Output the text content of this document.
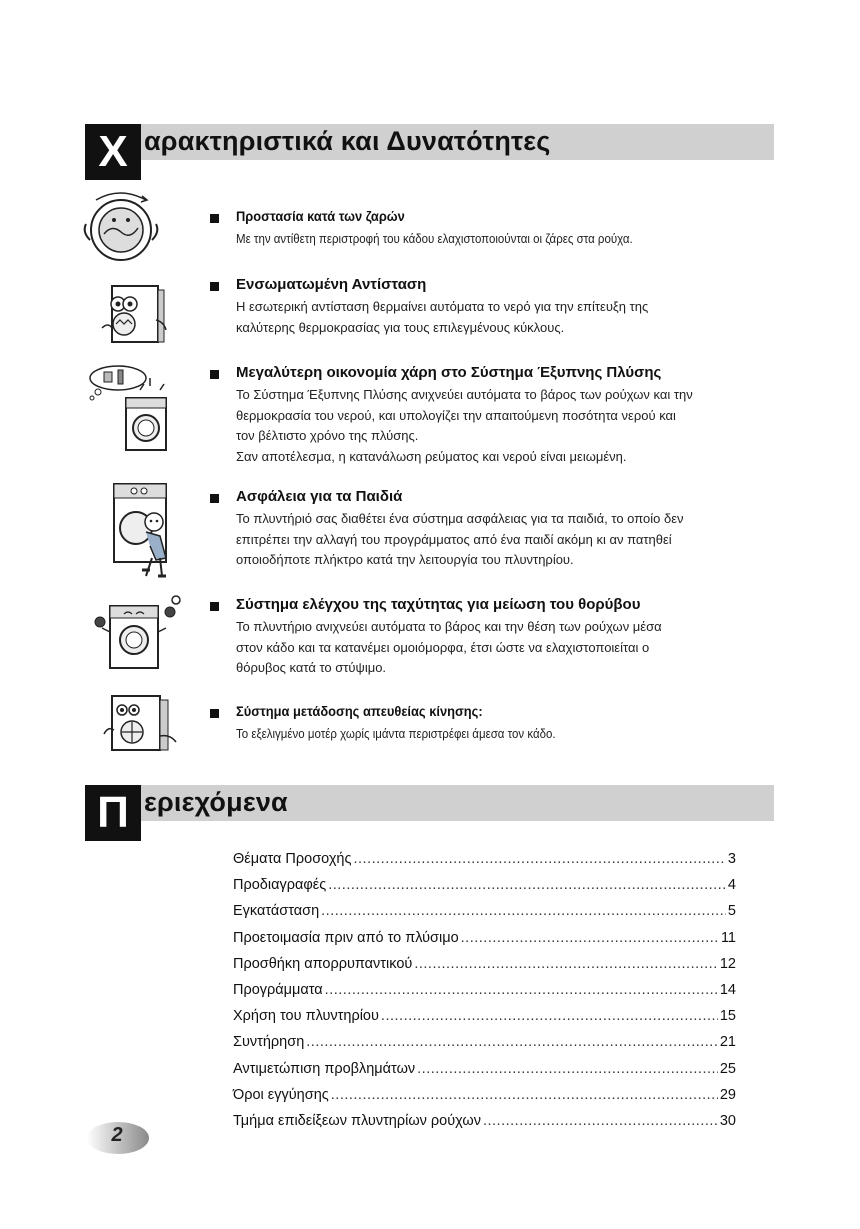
Χ αρακτηριστικά και Δυνατότητες
Προστασία κατά των ζαρών

Με την αντίθετη περιστροφή του κάδου ελαχιστοποιούνται οι ζάρες στα ρούχα.

Ενσωματωμένη Αντίσταση

Η εσωτερική αντίσταση θερμαίνει αυτόματα το νερό για την επίτευξη της

καλύτερης θερμοκρασίας για τους επιλεγμένους κύκλους.

Μεγαλύτερη οικονομία χάρη στο Σύστημα Έξυπνης Πλύσης

Το Σύστημα Έξυπνης Πλύσης ανιχνεύει αυτόματα το βάρος των ρούχων και την

θερμοκρασία του νερού, και υπολογίζει την απαιτούμενη ποσότητα νερού και

τον βέλτιστο χρόνο της πλύσης.

Σαν αποτέλεσμα, η κατανάλωση ρεύματος και νερού είναι μειωμένη.

Ασφάλεια για τα Παιδιά

Το πλυντήριό σας διαθέτει ένα σύστημα ασφάλειας για τα παιδιά, το οποίο δεν

επιτρέπει την αλλαγή του προγράμματος από ένα παιδί ακόμη κι αν πατηθεί

οποιοδήποτε πλήκτρο κατά την λειτουργία του πλυντηρίου.

Σύστημα ελέγχου της ταχύτητας για μείωση του θορύβου

Το πλυντήριο ανιχνεύει αυτόματα το βάρος και την θέση των ρούχων μέσα

στον κάδο και τα κατανέμει ομοιόμορφα, έτσι ώστε να ελαχιστοποιείται ο

θόρυβος κατά το στύψιμο.

Σύστημα μετάδοσης απευθείας κίνησης:

Το εξελιγμένο μοτέρ χωρίς ιμάντα περιστρέφει άμεσα τον κάδο.

Π εριεχόμενα
Θέματα Προσοχής .....	3
Προδιαγραφές .....	4
Εγκατάσταση .....	5
Προετοιμασία πριν από το πλύσιμο .....	11
Προσθήκη απορρυπαντικού .....	12
Προγράμματα .....	14
Χρήση του πλυντηρίου .....	15
Συντήρηση .....	21
Αντιμετώπιση προβλημάτων .....	25
Όροι εγγύησης .....	29
Τμήμα επιδείξεων πλυντηρίων ρούχων .....	30
2
